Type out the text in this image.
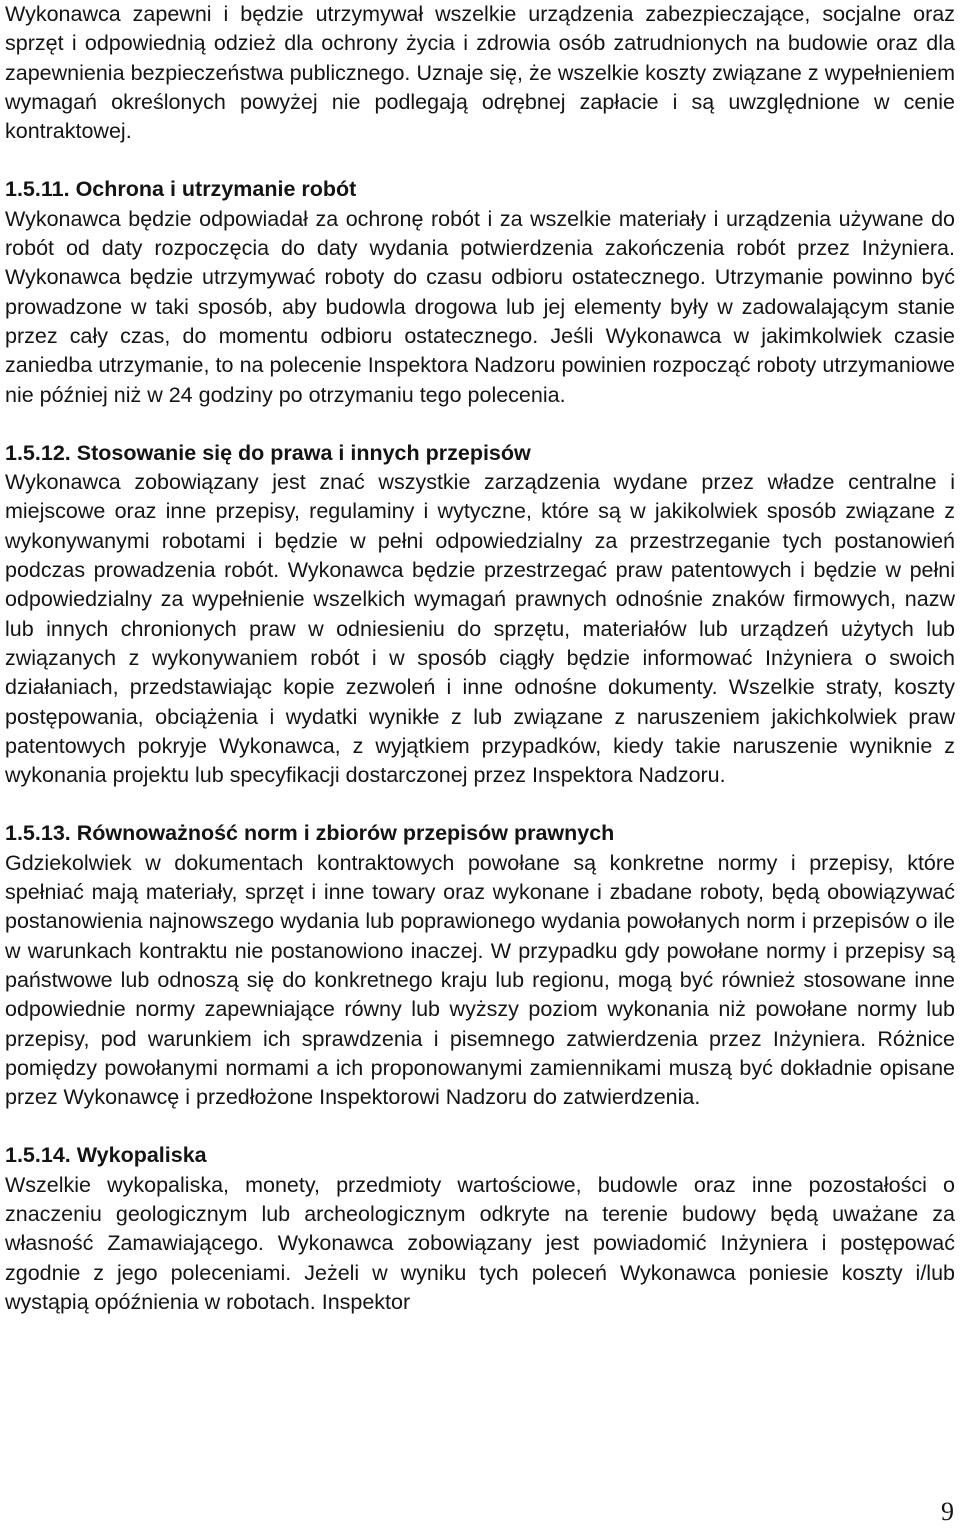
Wykonawca zapewni i będzie utrzymywał wszelkie urządzenia zabezpieczające, socjalne oraz sprzęt i odpowiednią odzież dla ochrony życia i zdrowia osób zatrudnionych na budowie oraz dla zapewnienia bezpieczeństwa publicznego. Uznaje się, że wszelkie koszty związane z wypełnieniem wymagań określonych powyżej nie podlegają odrębnej zapłacie i są uwzględnione w cenie kontraktowej.

1.5.11. Ochrona i utrzymanie robót

Wykonawca będzie odpowiadał za ochronę robót i za wszelkie materiały i urządzenia używane do robót od daty rozpoczęcia do daty wydania potwierdzenia zakończenia robót przez Inżyniera. Wykonawca będzie utrzymywać roboty do czasu odbioru ostatecznego. Utrzymanie powinno być prowadzone w taki sposób, aby budowla drogowa lub jej elementy były w zadowalającym stanie przez cały czas, do momentu odbioru ostatecznego. Jeśli Wykonawca w jakimkolwiek czasie zaniedba utrzymanie, to na polecenie Inspektora Nadzoru powinien rozpocząć roboty utrzymaniowe nie później niż w 24 godziny po otrzymaniu tego polecenia.

1.5.12. Stosowanie się do prawa i innych przepisów

Wykonawca zobowiązany jest znać wszystkie zarządzenia wydane przez władze centralne i miejscowe oraz inne przepisy, regulaminy i wytyczne, które są w jakikolwiek sposób związane z wykonywanymi robotami i będzie w pełni odpowiedzialny za przestrzeganie tych postanowień podczas prowadzenia robót. Wykonawca będzie przestrzegać praw patentowych i będzie w pełni odpowiedzialny za wypełnienie wszelkich wymagań prawnych odnośnie znaków firmowych, nazw lub innych chronionych praw w odniesieniu do sprzętu, materiałów lub urządzeń użytych lub związanych z wykonywaniem robót i w sposób ciągły będzie informować Inżyniera o swoich działaniach, przedstawiając kopie zezwoleń i inne odnośne dokumenty. Wszelkie straty, koszty postępowania, obciążenia i wydatki wynikłe z lub związane z naruszeniem jakichkolwiek praw patentowych pokryje Wykonawca, z wyjątkiem przypadków, kiedy takie naruszenie wyniknie z wykonania projektu lub specyfikacji dostarczonej przez Inspektora Nadzoru.

1.5.13. Równoważność norm i zbiorów przepisów prawnych

Gdziekolwiek w dokumentach kontraktowych powołane są konkretne normy i przepisy, które spełniać mają materiały, sprzęt i inne towary oraz wykonane i zbadane roboty, będą obowiązywać postanowienia najnowszego wydania lub poprawionego wydania powołanych norm i przepisów o ile w warunkach kontraktu nie postanowiono inaczej. W przypadku gdy powołane normy i przepisy są państwowe lub odnoszą się do konkretnego kraju lub regionu, mogą być również stosowane inne odpowiednie normy zapewniające równy lub wyższy poziom wykonania niż powołane normy lub przepisy, pod warunkiem ich sprawdzenia i pisemnego zatwierdzenia przez Inżyniera. Różnice pomiędzy powołanymi normami a ich proponowanymi zamiennikami muszą być dokładnie opisane przez Wykonawcę i przedłożone Inspektorowi Nadzoru do zatwierdzenia.

1.5.14. Wykopaliska

Wszelkie wykopaliska, monety, przedmioty wartościowe, budowle oraz inne pozostałości o znaczeniu geologicznym lub archeologicznym odkryte na terenie budowy będą uważane za własność Zamawiającego. Wykonawca zobowiązany jest powiadomić Inżyniera i postępować zgodnie z jego poleceniami. Jeżeli w wyniku tych poleceń Wykonawca poniesie koszty i/lub wystąpią opóźnienia w robotach. Inspektor

9
